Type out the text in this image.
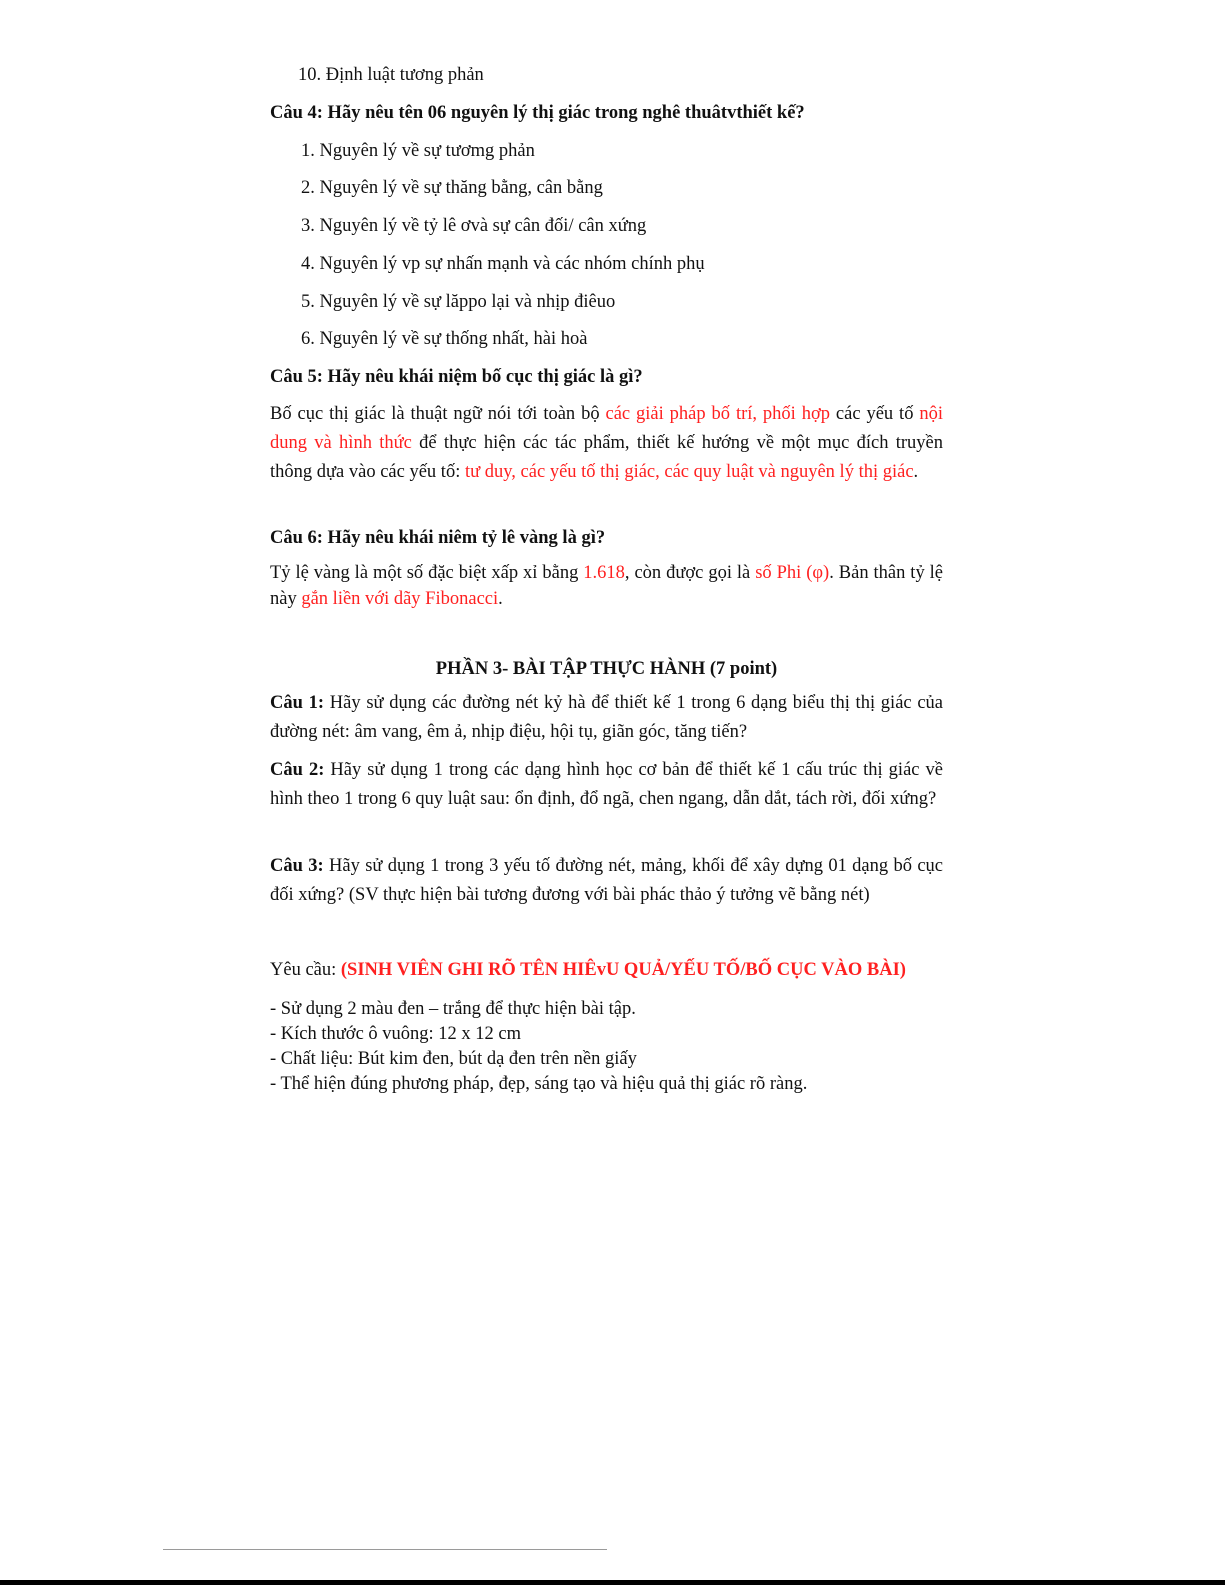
10. Định luật tương phản
Câu 4: Hãy nêu tên 06 nguyên lý thị giác trong nghê thuâtvthiết kế?
1. Nguyên lý về sự tươmg phản
2. Nguyên lý về sự thăng bằng, cân bằng
3. Nguyên lý về tỷ lê ơvà sự cân đối/ cân xứng
4. Nguyên lý vp sự nhấn mạnh và các nhóm chính phụ
5. Nguyên lý về sự lăppo lại và nhịp điêuo
6. Nguyên lý về sự thống nhất, hài hoà
Câu 5: Hãy nêu khái niệm bố cục thị giác là gì?
Bố cục thị giác là thuật ngữ nói tới toàn bộ các giải pháp bố trí, phối hợp các yếu tố nội dung và hình thức để thực hiện các tác phẩm, thiết kế hướng về một mục đích truyền thông dựa vào các yếu tố: tư duy, các yếu tố thị giác, các quy luật và nguyên lý thị giác.
Câu 6: Hãy nêu khái niêm tỷ lê vàng là gì?
Tỷ lệ vàng là một số đặc biệt xấp xỉ bằng 1.618, còn được gọi là số Phi (φ). Bản thân tỷ lệ này gắn liền với dãy Fibonacci.
PHẦN 3- BÀI TẬP THỰC HÀNH (7 point)
Câu 1: Hãy sử dụng các đường nét kỷ hà để thiết kế 1 trong 6 dạng biểu thị thị giác của đường nét: âm vang, êm ả, nhịp điệu, hội tụ, giãn góc, tăng tiến?
Câu 2: Hãy sử dụng 1 trong các dạng hình học cơ bản để thiết kế 1 cấu trúc thị giác về hình theo 1 trong 6 quy luật sau: ổn định, đổ ngã, chen ngang, dẫn dắt, tách rời, đối xứng?
Câu 3: Hãy sử dụng 1 trong 3 yếu tố đường nét, mảng, khối để xây dựng 01 dạng bố cục đối xứng? (SV thực hiện bài tương đương với bài phác thảo ý tưởng vẽ bằng nét)
Yêu cầu: (SINH VIÊN GHI RÕ TÊN HIÊvU QUẢ/YẾU TỐ/BỐ CỤC VÀO BÀI)
- Sử dụng 2 màu đen – trắng để thực hiện bài tập.
- Kích thước ô vuông: 12 x 12 cm
- Chất liệu: Bút kim đen, bút dạ đen trên nền giấy
- Thể hiện đúng phương pháp, đẹp, sáng tạo và hiệu quả thị giác rõ ràng.
